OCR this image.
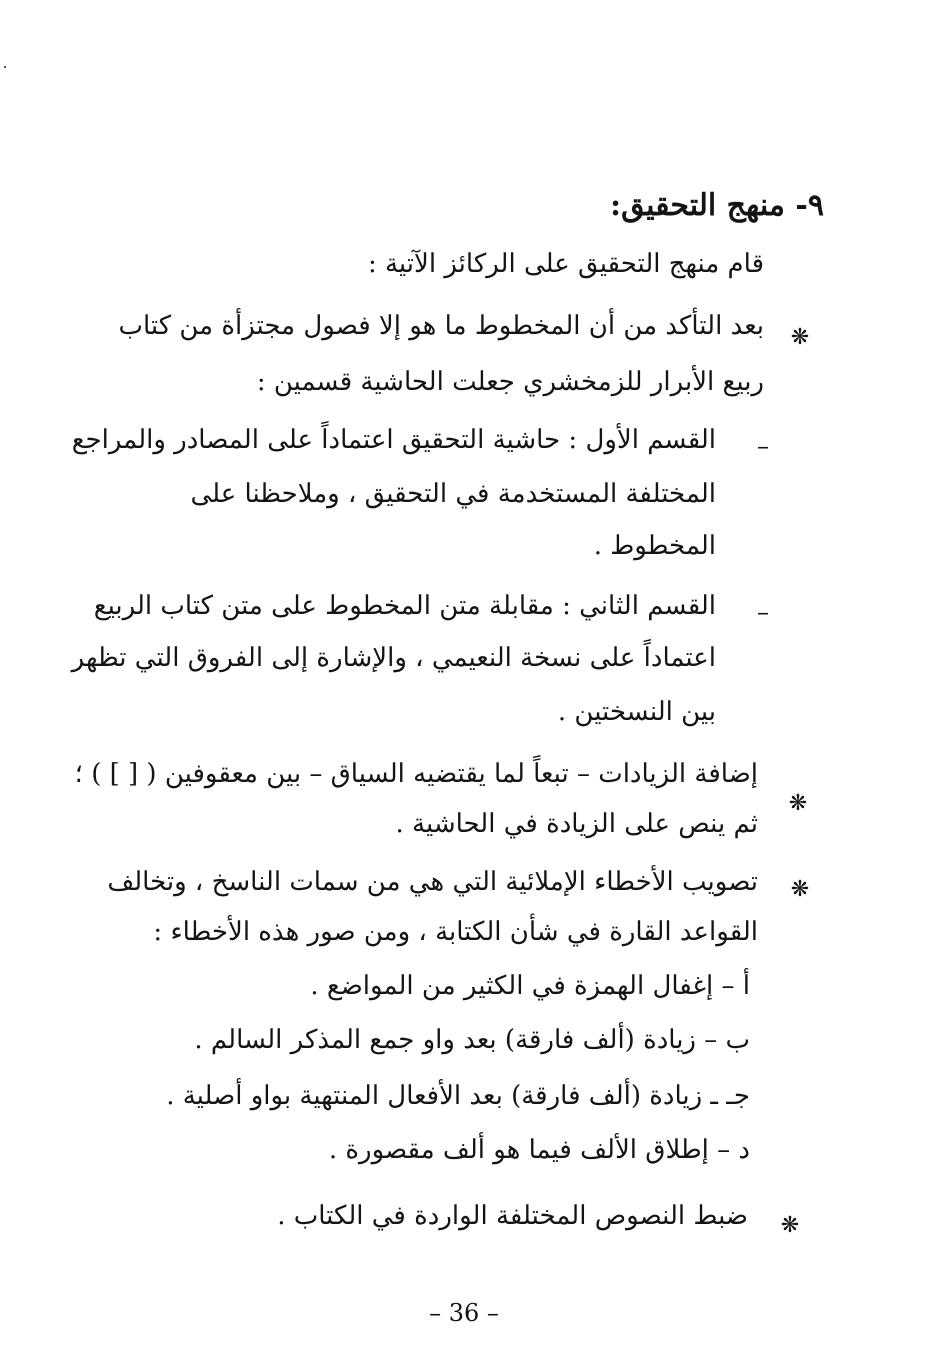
٩- منهج التحقيق:
قام منهج التحقيق على الركائز الآتية :
❋
بعد التأكد من أن المخطوط ما هو إلا فصول مجتزأة من كتاب
ربيع الأبرار للزمخشري جعلت الحاشية قسمين :
–
القسم الأول : حاشية التحقيق اعتماداً على المصادر والمراجع
المختلفة المستخدمة في التحقيق ، وملاحظنا على
المخطوط .
–
القسم الثاني : مقابلة متن المخطوط على متن كتاب الربيع
اعتماداً على نسخة النعيمي ، والإشارة إلى الفروق التي تظهر
بين النسختين .
❋
إضافة الزيادات – تبعاً لما يقتضيه السياق – بين معقوفين ( [ ] ) ؛
ثم ينص على الزيادة في الحاشية .
❋
تصويب الأخطاء الإملائية التي هي من سمات الناسخ ، وتخالف
القواعد القارة في شأن الكتابة ، ومن صور هذه الأخطاء :
أ – إغفال الهمزة في الكثير من المواضع .
ب – زيادة (ألف فارقة) بعد واو جمع المذكر السالم .
جـ ـ زيادة (ألف فارقة) بعد الأفعال المنتهية بواو أصلية .
د – إطلاق الألف فيما هو ألف مقصورة .
❋
ضبط النصوص المختلفة الواردة في الكتاب .
– 36 –
